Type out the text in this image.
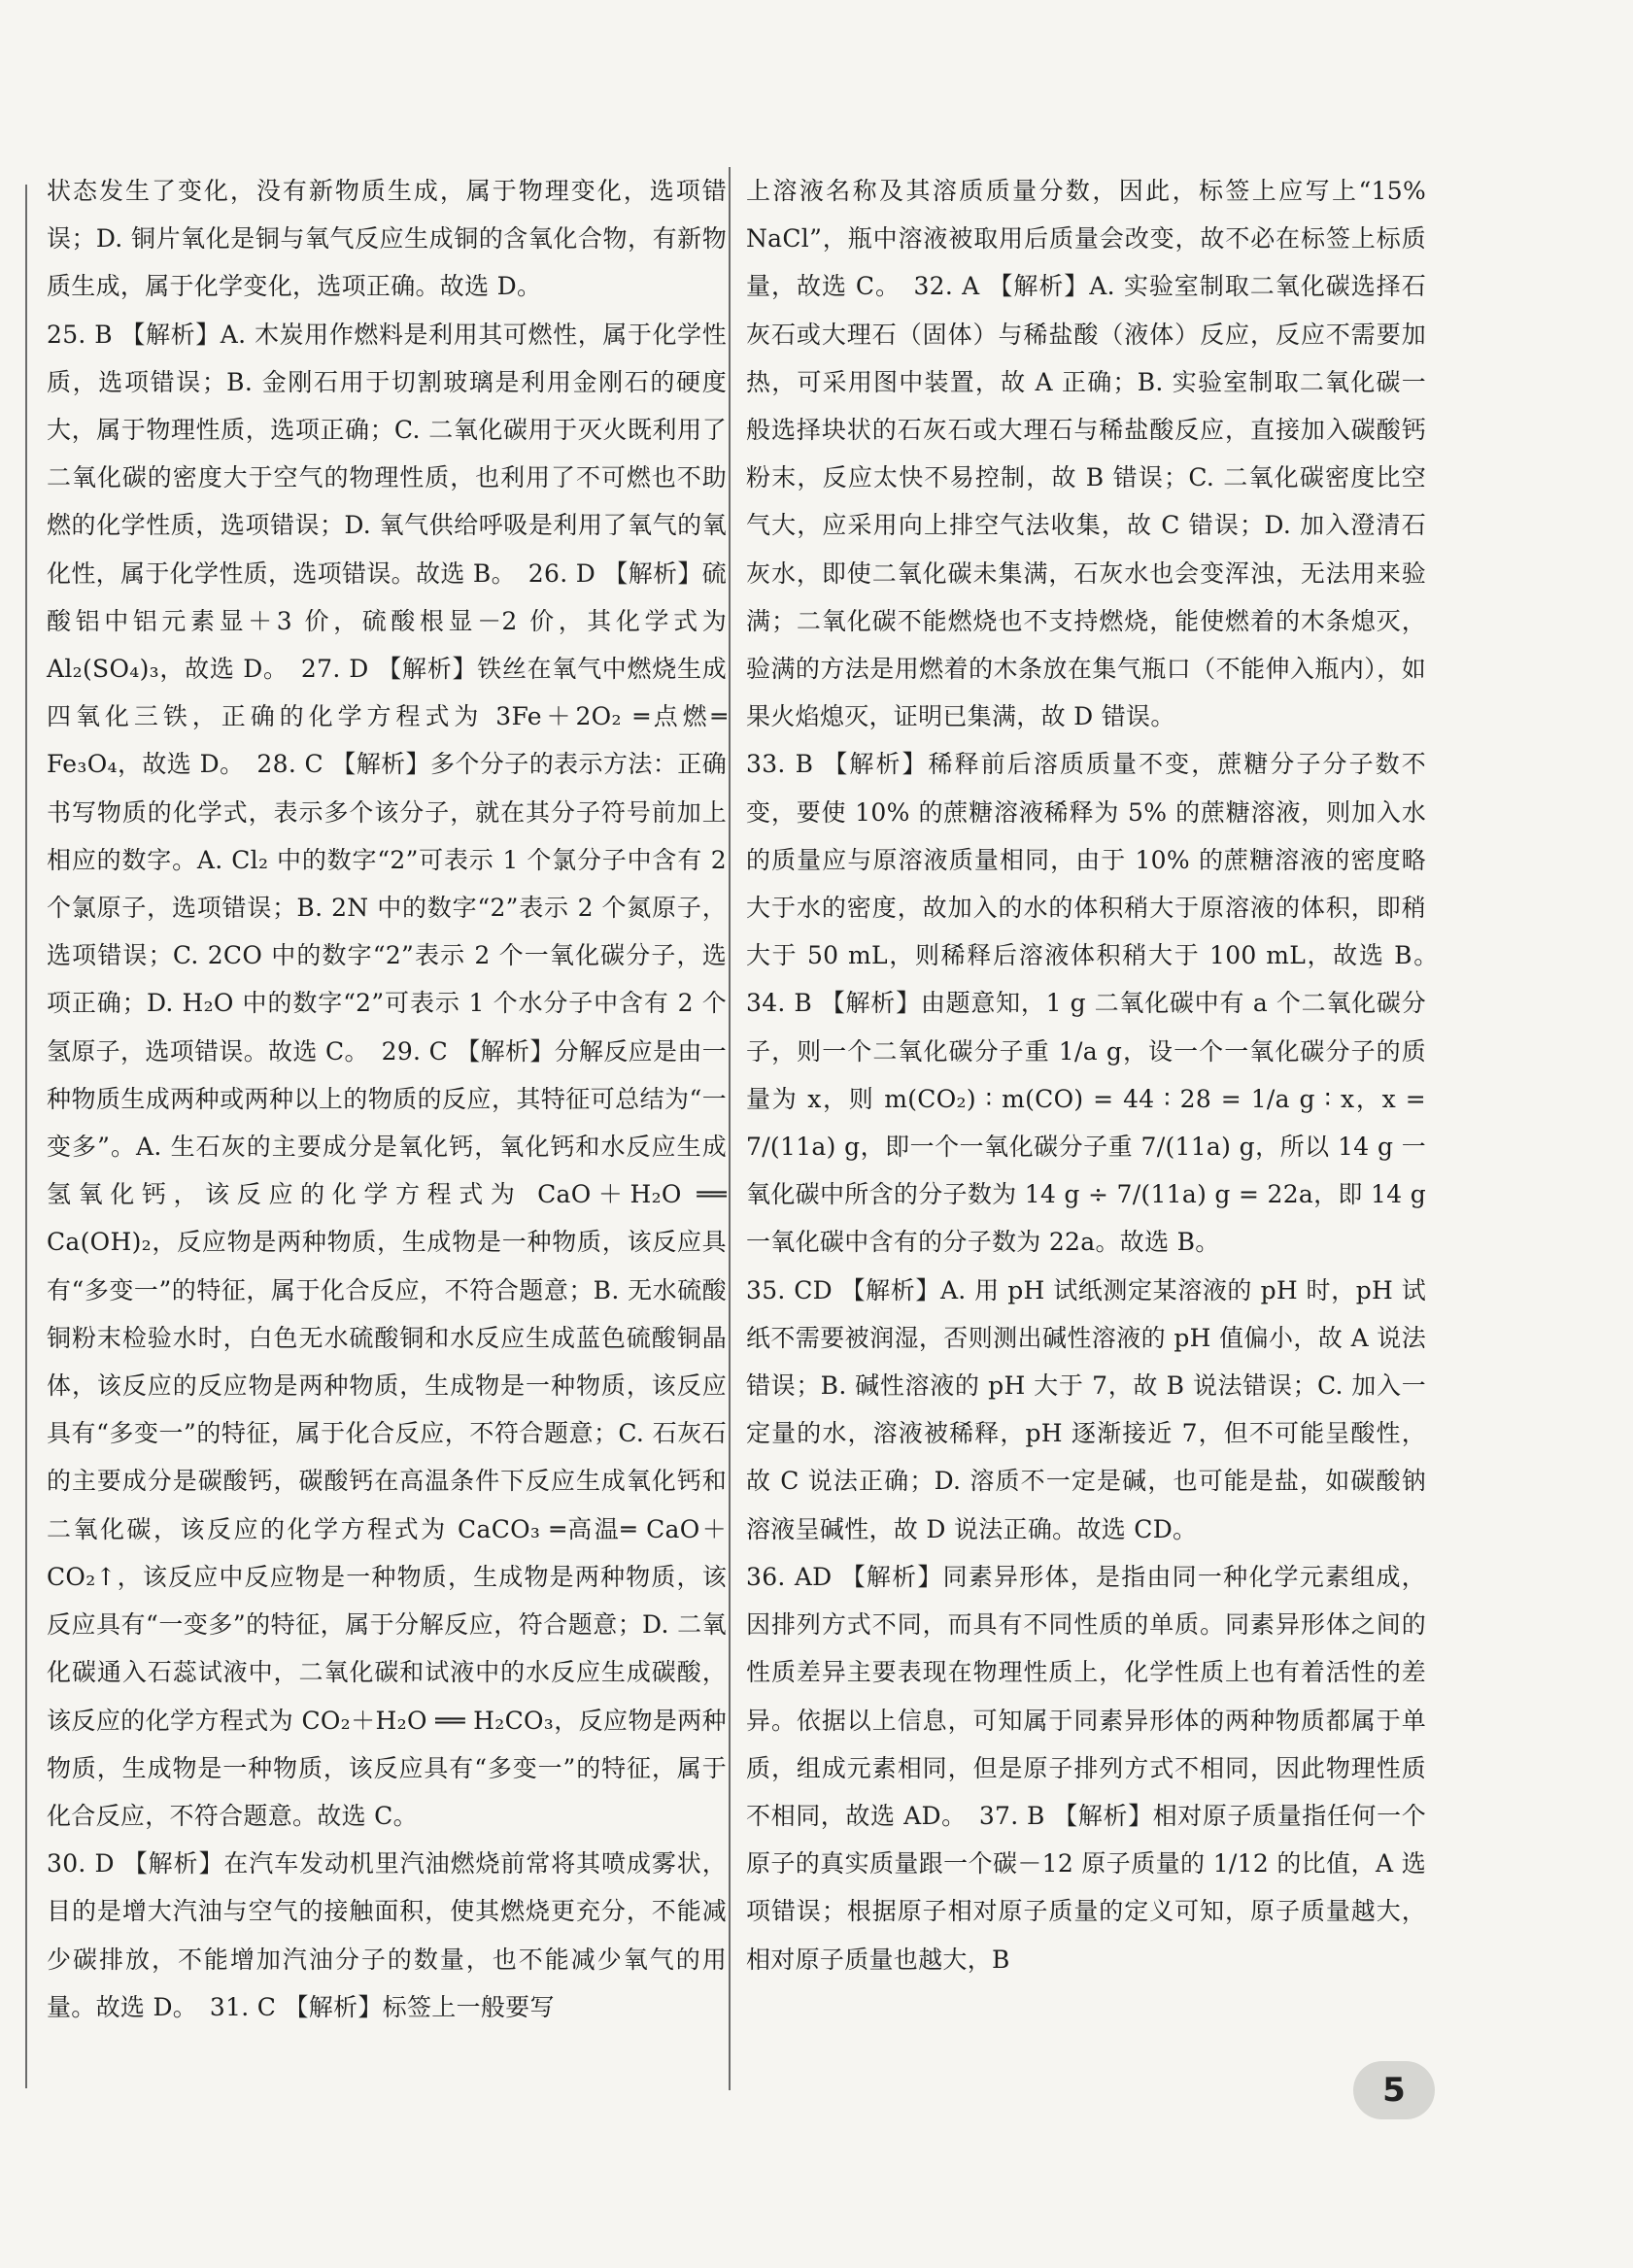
状态发生了变化，没有新物质生成，属于物理变化，选项错误；D. 铜片氧化是铜与氧气反应生成铜的含氧化合物，有新物质生成，属于化学变化，选项正确。故选 D。

25. B 【解析】A. 木炭用作燃料是利用其可燃性，属于化学性质，选项错误；B. 金刚石用于切割玻璃是利用金刚石的硬度大，属于物理性质，选项正确；C. 二氧化碳用于灭火既利用了二氧化碳的密度大于空气的物理性质，也利用了不可燃也不助燃的化学性质，选项错误；D. 氧气供给呼吸是利用了氧气的氧化性，属于化学性质，选项错误。故选 B。　26. D 【解析】硫酸铝中铝元素显＋3 价，硫酸根显－2 价，其化学式为 Al₂(SO₄)₃，故选 D。　27. D 【解析】铁丝在氧气中燃烧生成四氧化三铁，正确的化学方程式为 3Fe＋2O₂ ═点燃═ Fe₃O₄，故选 D。　28. C 【解析】多个分子的表示方法：正确书写物质的化学式，表示多个该分子，就在其分子符号前加上相应的数字。A. Cl₂ 中的数字“2”可表示 1 个氯分子中含有 2 个氯原子，选项错误；B. 2N 中的数字“2”表示 2 个氮原子，选项错误；C. 2CO 中的数字“2”表示 2 个一氧化碳分子，选项正确；D. H₂O 中的数字“2”可表示 1 个水分子中含有 2 个氢原子，选项错误。故选 C。　29. C 【解析】分解反应是由一种物质生成两种或两种以上的物质的反应，其特征可总结为“一变多”。A. 生石灰的主要成分是氧化钙，氧化钙和水反应生成氢氧化钙，该反应的化学方程式为 CaO＋H₂O ══ Ca(OH)₂，反应物是两种物质，生成物是一种物质，该反应具有“多变一”的特征，属于化合反应，不符合题意；B. 无水硫酸铜粉末检验水时，白色无水硫酸铜和水反应生成蓝色硫酸铜晶体，该反应的反应物是两种物质，生成物是一种物质，该反应具有“多变一”的特征，属于化合反应，不符合题意；C. 石灰石的主要成分是碳酸钙，碳酸钙在高温条件下反应生成氧化钙和二氧化碳，该反应的化学方程式为 CaCO₃ ═高温═ CaO＋CO₂↑，该反应中反应物是一种物质，生成物是两种物质，该反应具有“一变多”的特征，属于分解反应，符合题意；D. 二氧化碳通入石蕊试液中，二氧化碳和试液中的水反应生成碳酸，该反应的化学方程式为 CO₂＋H₂O ══ H₂CO₃，反应物是两种物质，生成物是一种物质，该反应具有“多变一”的特征，属于化合反应，不符合题意。故选 C。

30. D 【解析】在汽车发动机里汽油燃烧前常将其喷成雾状，目的是增大汽油与空气的接触面积，使其燃烧更充分，不能减少碳排放，不能增加汽油分子的数量，也不能减少氧气的用量。故选 D。　31. C 【解析】标签上一般要写

上溶液名称及其溶质质量分数，因此，标签上应写上“15% NaCl”，瓶中溶液被取用后质量会改变，故不必在标签上标质量，故选 C。　32. A 【解析】A. 实验室制取二氧化碳选择石灰石或大理石（固体）与稀盐酸（液体）反应，反应不需要加热，可采用图中装置，故 A 正确；B. 实验室制取二氧化碳一般选择块状的石灰石或大理石与稀盐酸反应，直接加入碳酸钙粉末，反应太快不易控制，故 B 错误；C. 二氧化碳密度比空气大，应采用向上排空气法收集，故 C 错误；D. 加入澄清石灰水，即使二氧化碳未集满，石灰水也会变浑浊，无法用来验满；二氧化碳不能燃烧也不支持燃烧，能使燃着的木条熄灭，验满的方法是用燃着的木条放在集气瓶口（不能伸入瓶内），如果火焰熄灭，证明已集满，故 D 错误。

33. B 【解析】稀释前后溶质质量不变，蔗糖分子分子数不变，要使 10% 的蔗糖溶液稀释为 5% 的蔗糖溶液，则加入水的质量应与原溶液质量相同，由于 10% 的蔗糖溶液的密度略大于水的密度，故加入的水的体积稍大于原溶液的体积，即稍大于 50 mL，则稀释后溶液体积稍大于 100 mL，故选 B。　34. B 【解析】由题意知，1 g 二氧化碳中有 a 个二氧化碳分子，则一个二氧化碳分子重 1/a g，设一个一氧化碳分子的质量为 x，则 m(CO₂) ∶ m(CO) = 44 ∶ 28 = 1/a g ∶ x，x = 7/(11a) g，即一个一氧化碳分子重 7/(11a) g，所以 14 g 一氧化碳中所含的分子数为 14 g ÷ 7/(11a) g = 22a，即 14 g 一氧化碳中含有的分子数为 22a。故选 B。

35. CD 【解析】A. 用 pH 试纸测定某溶液的 pH 时，pH 试纸不需要被润湿，否则测出碱性溶液的 pH 值偏小，故 A 说法错误；B. 碱性溶液的 pH 大于 7，故 B 说法错误；C. 加入一定量的水，溶液被稀释，pH 逐渐接近 7，但不可能呈酸性，故 C 说法正确；D. 溶质不一定是碱，也可能是盐，如碳酸钠溶液呈碱性，故 D 说法正确。故选 CD。

36. AD 【解析】同素异形体，是指由同一种化学元素组成，因排列方式不同，而具有不同性质的单质。同素异形体之间的性质差异主要表现在物理性质上，化学性质上也有着活性的差异。依据以上信息，可知属于同素异形体的两种物质都属于单质，组成元素相同，但是原子排列方式不相同，因此物理性质不相同，故选 AD。　37. B 【解析】相对原子质量指任何一个原子的真实质量跟一个碳－12 原子质量的 1/12 的比值，A 选项错误；根据原子相对原子质量的定义可知，原子质量越大，相对原子质量也越大，B

5
